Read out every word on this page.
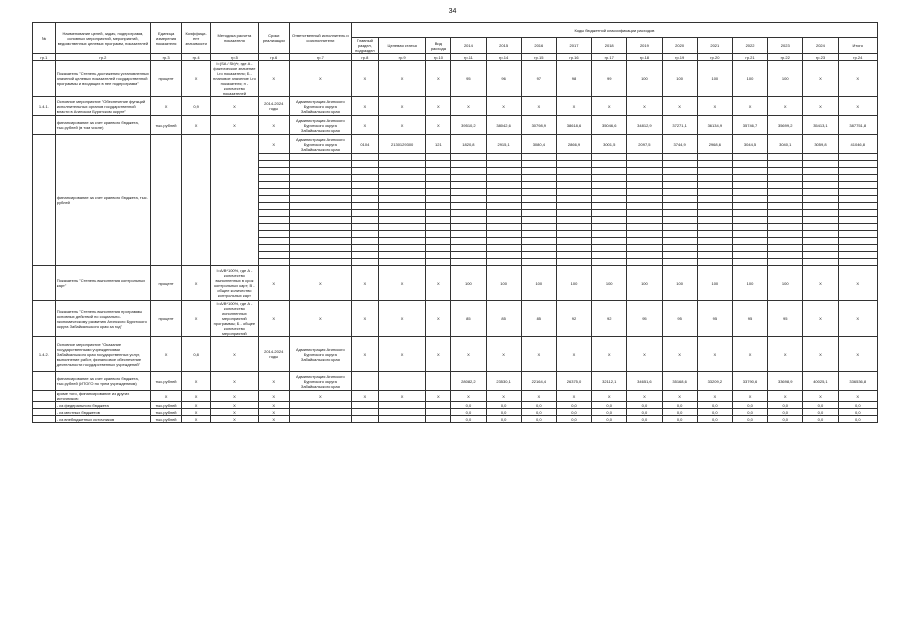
34
№	Наименование целей, задач, подпрограмм, основных мероприятий, мероприятий, ведомственных целевых программ, показателей	Единица измерения показателя	Коэффици-ент значимости	Методика расчета показателя	Сроки реализации	Ответственный исполнитель и соисполнители	Коды бюджетной классификации расходов														
							Главный раздел, подраздел	Целевая статья	Вид расхода	2014	2015	2016	2017	2018	2019	2020	2021	2022	2023	2024	Итого
гр.1	гр.2	гр.3	гр.4	гр.5	гр.6	гр.7	гр.8	гр.9	гр.10	гр.11	гр.14	гр.15	гр.16	гр.17	гр.18	гр.19	гр.20	гр.21	гр.22	гр.23	гр.24
	Показатель "Степень достижения установленных значений целевых показателей государственной программы и входящих в нее подпрограмм"	процент	X	I=(SA / Sb)*r, где A - фактическое значение i-го показателя; Б - плановое значение i-го показателя; п - количество показателей	X	X	X	X	X	95	96	97	98	99	100	100	100	100	100	X	X
1.4.1.	Основное мероприятие "Обеспечение функций исполнительных органов государственной власти в Агинском Бурятском округе"	X	0,9	X	2014-2024 годы	Администрация Агинского Бурятского округа Забайкальского края	X	X	X	X	X	X	X	X	X	X	X	X	X	X	X
	финансирование за счет краевого бюджета, тыс.рублей (в том числе)	тыс.рублей	X	X	X	Администрация Агинского Бурятского округа Забайкальского края	X	X	X	39510,2	38042,6	30798,9	38618,6	35046,6	34812,9	37271,1	36134,9	35746,7	35699,2	35413,1	387751,8
	финансирование за счет краевого бюджета, тыс. рублей				X	Администрация Агинского Бурятского округа Забайкальского края	0104	2130129300	121	1820,8	2915,1	3080,4	2866,9	3001,5	2097,5	3744,9	2968,6	3044,5	3040,1	3059,8	41046,8

	Показатель "Степень выполнения контрольных карт"	процент	X	I=A/B*100%, где A - количество выполненных в срок контрольных карт; B - общее количество контрольных карт	X	X	X	X	X	100	100	100	100	100	100	100	100	100	100	X	X
	Показатель "Степень выполнения программы основных действий по социально-экономическому развитию Агинского Бурятского округа Забайкальского края за год"	процент	X	I=A/B*100%, где A - количество исполненных мероприятий программы; Б - общее количество мероприятий	X	X	X	X	X	85	85	85	92	92	95	95	95	95	95	X	X
1.4.2.	Основное мероприятие "Оказание государственными учреждениями Забайкальского края государственных услуг, выполнение работ, финансовое обеспечение деятельности государственных учреждений"	X	0,8	X	2014-2024 годы	Администрация Агинского Бурятского округа Забайкальского края	X	X	X	X	X	X	X	X	X	X	X	X	X	X	X
	финансирование за счет краевого бюджета, тыс.рублей (ИТОГО по трем учреждениям)	тыс.рублей	X	X	X	Администрация Агинского Бурятского округа Забайкальского края				28082,2	23530,1	22164,4	26375,0	32112,1	34651,6	35168,6	33209,2	33790,6	33698,9	40025,1	336536,8
	кроме того, финансирование из других источников:	X	X	X	X	X	X	X	X	X	X	X	X	X	X	X	X	X	X	X	X
	- из федерального бюджета	тыс.рублей	X	X	X					0,0	0,0	0,0	0,0	0,0	0,0	0,0	0,0	0,0	0,0	0,0	0,0
	- из местных бюджетов	тыс.рублей	X	X	X					0,0	0,0	0,0	0,0	0,0	0,0	0,0	0,0	0,0	0,0	0,0	0,0
	- из внебюджетных источников	тыс.рублей	X	X	X					0,0	0,0	0,0	0,0	0,0	0,0	0,0	0,0	0,0	0,0	0,0	0,0
